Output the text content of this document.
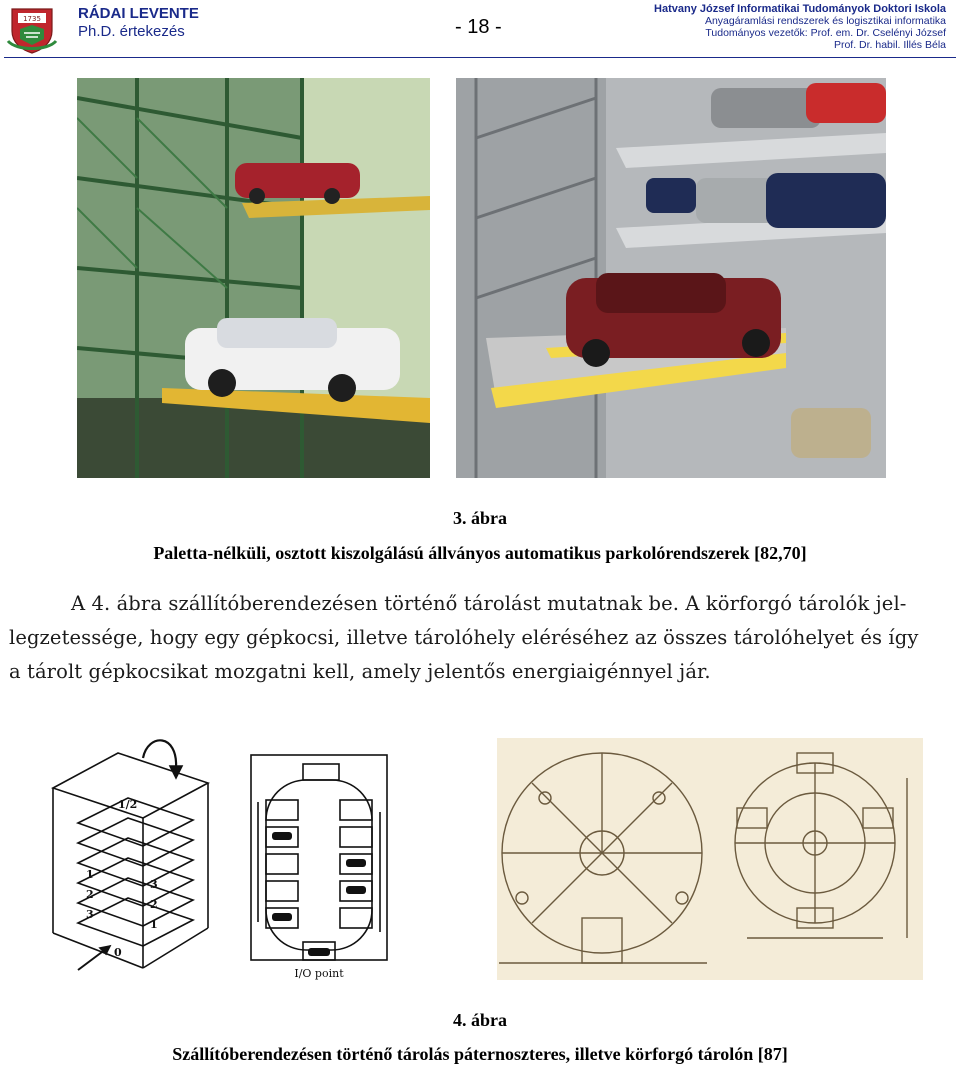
1735 RÁDAI LEVENTE
Ph.D. értekezés	- 18 -
Hatvany József Informatikai Tudományok Doktori Iskola
Anyagáramlási rendszerek és logisztikai informatika
Tudományos vezetők: Prof. em. Dr. Cselényi József
Prof. Dr. habil. Illés Béla
3. ábra
Paletta-nélküli, osztott kiszolgálású állványos automatikus parkolórendszerek [82,70]
A 4. ábra szállítóberendezésen történő tárolást mutatnak be. A körforgó tárolók jel-
legzetessége, hogy egy gépkocsi, illetve tárolóhely eléréséhez az összes tárolóhelyet és így
a tárolt gépkocsikat mozgatni kell, amely jelentős energiaigénnyel jár.
1/2
1
2
3
3
2
1
0
I/O point
4. ábra
Szállítóberendezésen történő tárolás páternoszteres, illetve körforgó tárolón [87]
